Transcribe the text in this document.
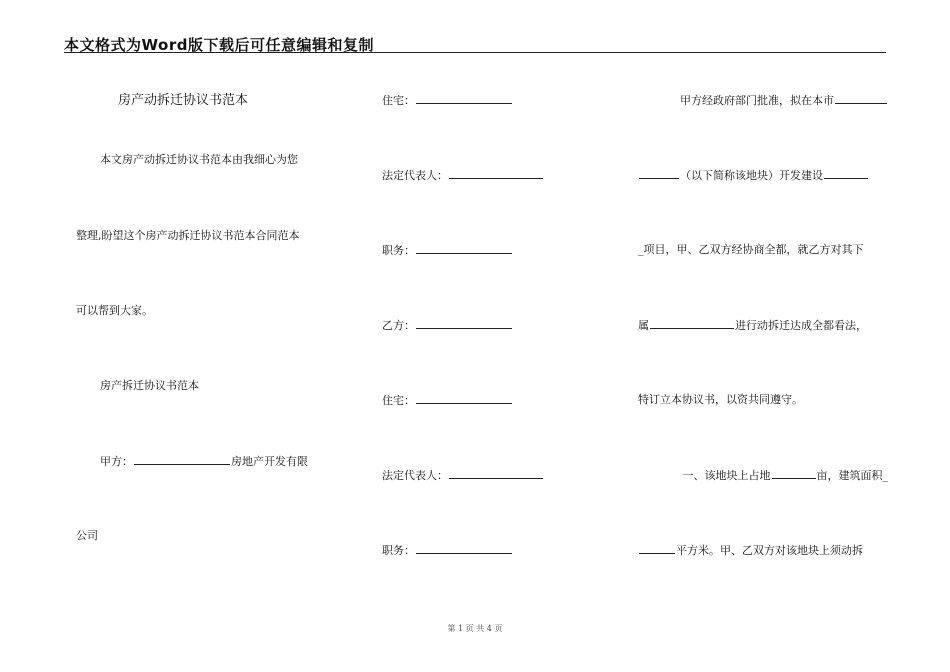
本文格式为Word版下载后可任意编辑和复制
房产动拆迁协议书范本
本文房产动拆迁协议书范本由我细心为您
整理,盼望这个房产动拆迁协议书范本合同范本
可以帮到大家。
房产拆迁协议书范本
甲方：	房地产开发有限
公司
住宅：
法定代表人：
职务：
乙方：
住宅：
法定代表人：
职务：
甲方经政府部门批准，拟在本市
（以下简称该地块）开发建设
_项目，甲、乙双方经协商全都，就乙方对其下
属	进行动拆迁达成全都看法，
特订立本协议书，以资共同遵守。
一、该地块上占地	亩，建筑面积_
平方米。甲、乙双方对该地块上须动拆
第 1 页 共 4 页
